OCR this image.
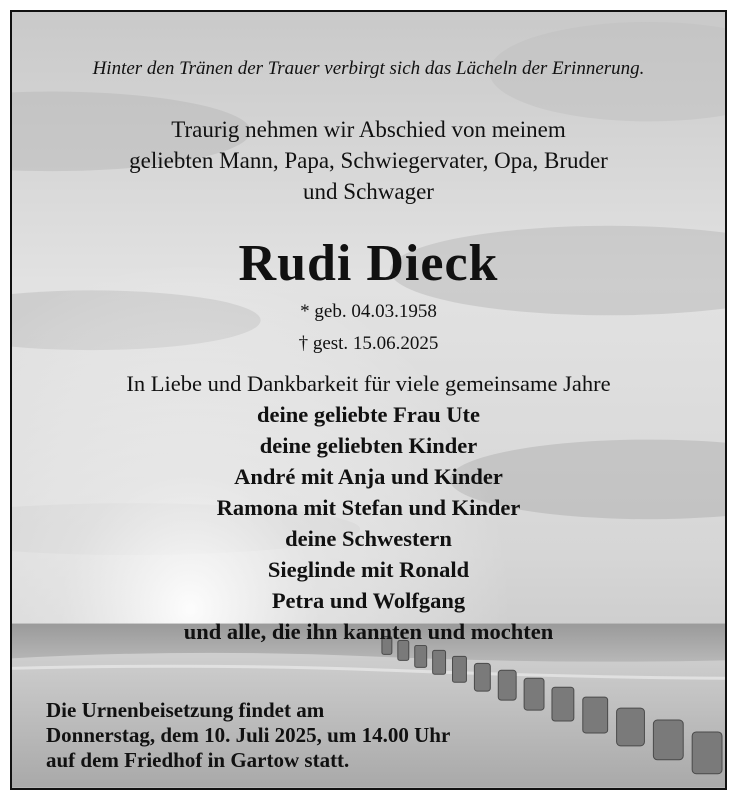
Hinter den Tränen der Trauer verbirgt sich das Lächeln der Erinnerung.
Traurig nehmen wir Abschied von meinem
geliebten Mann, Papa, Schwiegervater, Opa, Bruder
und Schwager
Rudi Dieck
* geb. 04.03.1958
† gest. 15.06.2025
In Liebe und Dankbarkeit für viele gemeinsame Jahre
deine geliebte Frau Ute
deine geliebten Kinder
André mit Anja und Kinder
Ramona mit Stefan und Kinder
deine Schwestern
Sieglinde mit Ronald
Petra und Wolfgang
und alle, die ihn kannten und mochten
Die Urnenbeisetzung findet am
Donnerstag, dem 10. Juli 2025, um 14.00 Uhr
auf dem Friedhof in Gartow statt.
